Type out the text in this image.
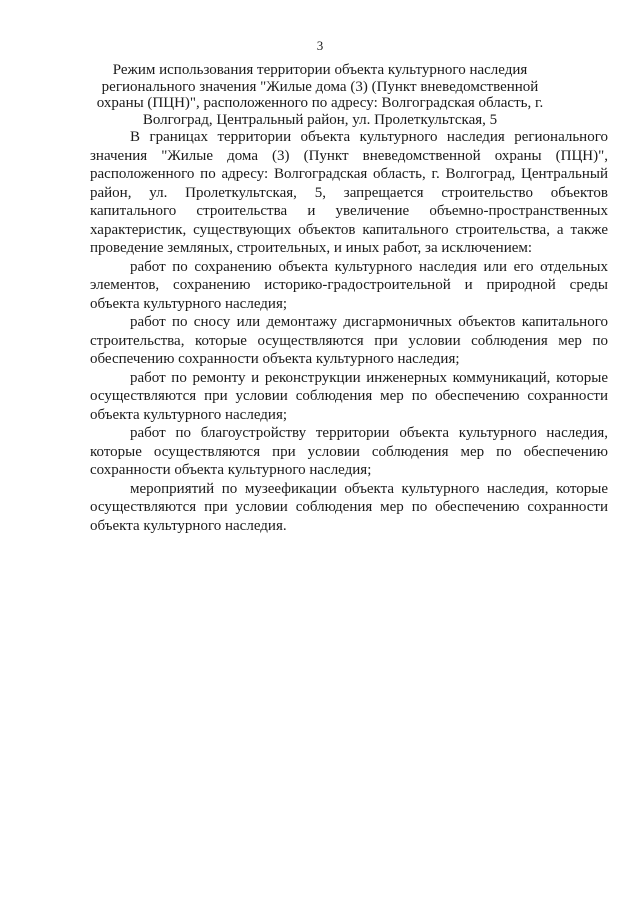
3
Режим использования территории объекта культурного наследия регионального значения "Жилые дома (3) (Пункт вневедомственной охраны (ПЦН)", расположенного по адресу: Волгоградская область, г. Волгоград, Центральный район, ул. Пролеткультская, 5

В границах территории объекта культурного наследия регионального значения "Жилые дома (3) (Пункт вневедомственной охраны (ПЦН)", расположенного по адресу: Волгоградская область, г. Волгоград, Центральный район, ул. Пролеткультская, 5, запрещается строительство объектов капитального строительства и увеличение объемно-пространственных характеристик, существующих объектов капитального строительства, а также проведение земляных, строительных, и иных работ, за исключением:

работ по сохранению объекта культурного наследия или его отдельных элементов, сохранению историко-градостроительной и природной среды объекта культурного наследия;

работ по сносу или демонтажу дисгармоничных объектов капитального строительства, которые осуществляются при условии соблюдения мер по обеспечению сохранности объекта культурного наследия;

работ по ремонту и реконструкции инженерных коммуникаций, которые осуществляются при условии соблюдения мер по обеспечению сохранности объекта культурного наследия;

работ по благоустройству территории объекта культурного наследия, которые осуществляются при условии соблюдения мер по обеспечению сохранности объекта культурного наследия;

мероприятий по музеефикации объекта культурного наследия, которые осуществляются при условии соблюдения мер по обеспечению сохранности объекта культурного наследия.
